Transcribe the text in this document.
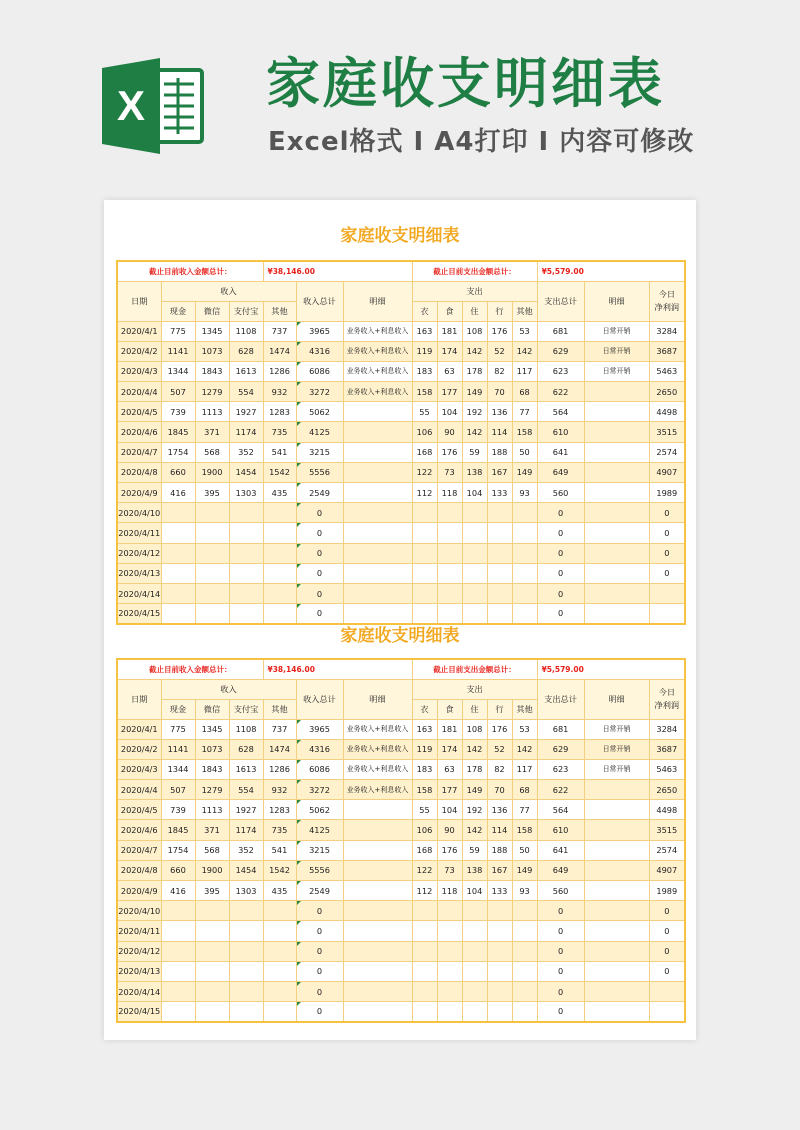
X 家庭收支明细表
Excel格式 Ⅰ A4打印 Ⅰ 内容可修改
家庭收支明细表
截止目前收入金额总计：				¥38,146.00			截止目前支出金额总计：					¥5,579.00		
日期	收入				收入总计	明细	支出					支出总计	明细	今日
净利润
	现金	微信	支付宝	其他			衣	食	住	行	其他			
2020/4/1	775	1345	1108	737	3965	业务收入+利息收入	163	181	108	176	53	681	日常开销	3284
2020/4/2	1141	1073	628	1474	4316	业务收入+利息收入	119	174	142	52	142	629	日常开销	3687
2020/4/3	1344	1843	1613	1286	6086	业务收入+利息收入	183	63	178	82	117	623	日常开销	5463
2020/4/4	507	1279	554	932	3272	业务收入+利息收入	158	177	149	70	68	622		2650
2020/4/5	739	1113	1927	1283	5062		55	104	192	136	77	564		4498
2020/4/6	1845	371	1174	735	4125		106	90	142	114	158	610		3515
2020/4/7	1754	568	352	541	3215		168	176	59	188	50	641		2574
2020/4/8	660	1900	1454	1542	5556		122	73	138	167	149	649		4907
2020/4/9	416	395	1303	435	2549		112	118	104	133	93	560		1989
2020/4/10					0							0		0
2020/4/11					0							0		0
2020/4/12					0							0		0
2020/4/13					0							0		0
2020/4/14					0							0		
2020/4/15					0							0		
家庭收支明细表
截止目前收入金额总计：				¥38,146.00			截止目前支出金额总计：					¥5,579.00		
日期	收入				收入总计	明细	支出					支出总计	明细	今日
净利润
	现金	微信	支付宝	其他			衣	食	住	行	其他			
2020/4/1	775	1345	1108	737	3965	业务收入+利息收入	163	181	108	176	53	681	日常开销	3284
2020/4/2	1141	1073	628	1474	4316	业务收入+利息收入	119	174	142	52	142	629	日常开销	3687
2020/4/3	1344	1843	1613	1286	6086	业务收入+利息收入	183	63	178	82	117	623	日常开销	5463
2020/4/4	507	1279	554	932	3272	业务收入+利息收入	158	177	149	70	68	622		2650
2020/4/5	739	1113	1927	1283	5062		55	104	192	136	77	564		4498
2020/4/6	1845	371	1174	735	4125		106	90	142	114	158	610		3515
2020/4/7	1754	568	352	541	3215		168	176	59	188	50	641		2574
2020/4/8	660	1900	1454	1542	5556		122	73	138	167	149	649		4907
2020/4/9	416	395	1303	435	2549		112	118	104	133	93	560		1989
2020/4/10					0							0		0
2020/4/11					0							0		0
2020/4/12					0							0		0
2020/4/13					0							0		0
2020/4/14					0							0		
2020/4/15					0							0		
